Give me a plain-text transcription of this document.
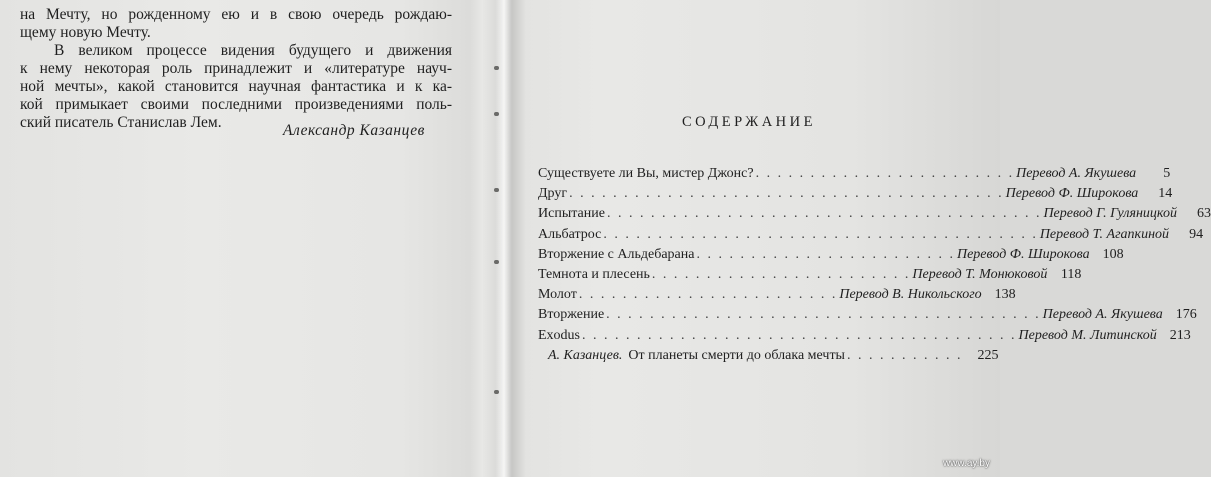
на Мечту, но рожденному ею и в свою очередь рождаю-
щему новую Мечту.

В великом процессе видения будущего и движения
к нему некоторая роль принадлежит и «литературе науч-
ной мечты», какой становится научная фантастика и к ка-
кой примыкает своими последними произведениями поль-
ский писатель Станислав Лем.	Александр Казанцев	СОДЕРЖАНИЕ
Существуете ли Вы, мистер Джонс? . . . . . . . . . . . . . . . . . . . . . . . . Перевод А. Якушева	5
Друг . . . . . . . . . . . . . . . . . . . . . . . . . . . . . . . . . . . . . . . . Перевод Ф. Широкова	14
Испытание . . . . . . . . . . . . . . . . . . . . . . . . . . . . . . . . . . . . . . . . Перевод Г. Гуляницкой	63
Альбатрос . . . . . . . . . . . . . . . . . . . . . . . . . . . . . . . . . . . . . . . . Перевод Т. Агапкиной	94
Вторжение с Альдебарана . . . . . . . . . . . . . . . . . . . . . . . . Перевод Ф. Широкова 108
Темнота и плесень . . . . . . . . . . . . . . . . . . . . . . . . Перевод Т. Монюковой 118
Молот . . . . . . . . . . . . . . . . . . . . . . . . Перевод В. Никольского 138
Вторжение . . . . . . . . . . . . . . . . . . . . . . . . . . . . . . . . . . . . . . . . Перевод А. Якушева 176
Exodus . . . . . . . . . . . . . . . . . . . . . . . . . . . . . . . . . . . . . . . . Перевод М. Литинской 213
А. Казанцев. От планеты смерти до облака мечты . . . . . . . . . . .	225
www.ay.by
